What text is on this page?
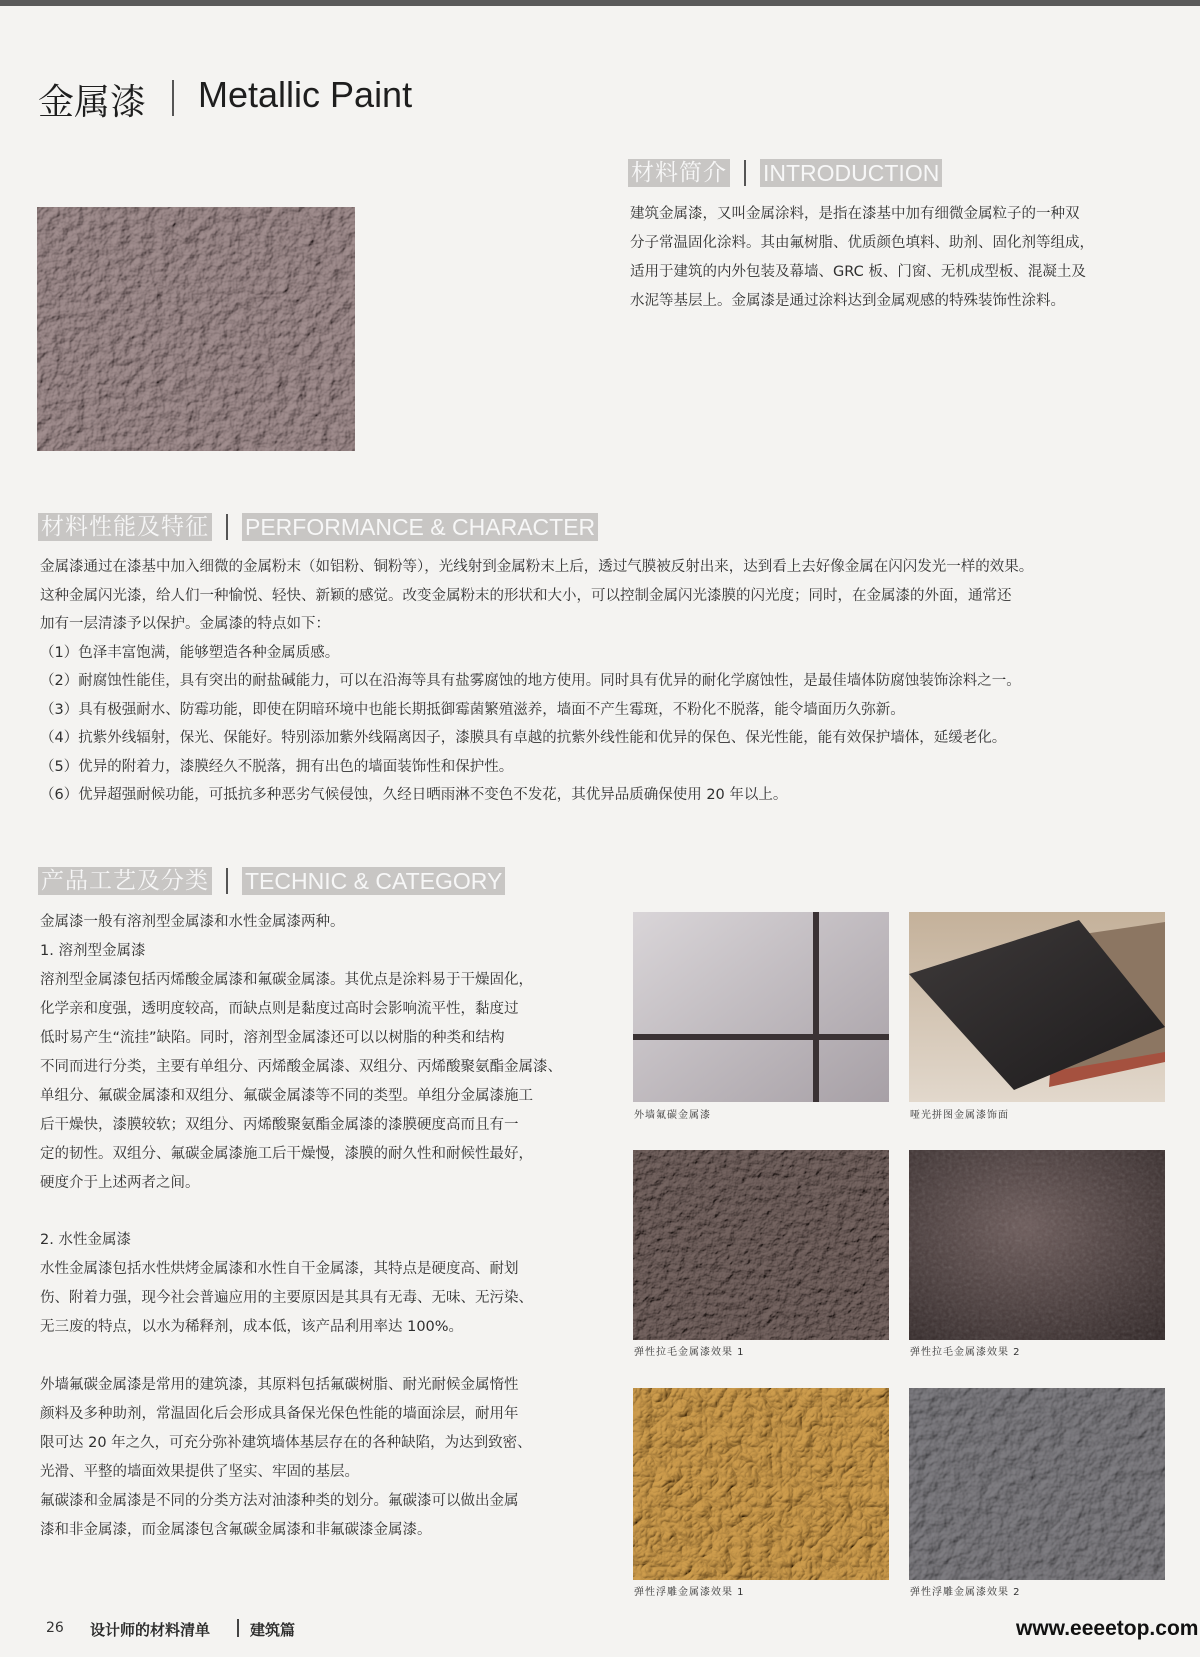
金属漆 Metallic Paint
材料简介 INTRODUCTION

建筑金属漆，又叫金属涂料，是指在漆基中加有细微金属粒子的一种双

分子常温固化涂料。其由氟树脂、优质颜色填料、助剂、固化剂等组成，

适用于建筑的内外包装及幕墙、GRC 板、门窗、无机成型板、混凝土及

水泥等基层上。金属漆是通过涂料达到金属观感的特殊装饰性涂料。

材料性能及特征 PERFORMANCE & CHARACTER

金属漆通过在漆基中加入细微的金属粉末（如铝粉、铜粉等），光线射到金属粉末上后，透过气膜被反射出来，达到看上去好像金属在闪闪发光一样的效果。

这种金属闪光漆，给人们一种愉悦、轻快、新颖的感觉。改变金属粉末的形状和大小，可以控制金属闪光漆膜的闪光度；同时，在金属漆的外面，通常还

加有一层清漆予以保护。金属漆的特点如下：

（1）色泽丰富饱满，能够塑造各种金属质感。

（2）耐腐蚀性能佳，具有突出的耐盐碱能力，可以在沿海等具有盐雾腐蚀的地方使用。同时具有优异的耐化学腐蚀性，是最佳墙体防腐蚀装饰涂料之一。

（3）具有极强耐水、防霉功能，即使在阴暗环境中也能长期抵御霉菌繁殖滋养，墙面不产生霉斑，不粉化不脱落，能令墙面历久弥新。

（4）抗紫外线辐射，保光、保能好。特别添加紫外线隔离因子，漆膜具有卓越的抗紫外线性能和优异的保色、保光性能，能有效保护墙体，延缓老化。

（5）优异的附着力，漆膜经久不脱落，拥有出色的墙面装饰性和保护性。

（6）优异超强耐候功能，可抵抗多种恶劣气候侵蚀，久经日晒雨淋不变色不发花，其优异品质确保使用 20 年以上。

产品工艺及分类 TECHNIC & CATEGORY

金属漆一般有溶剂型金属漆和水性金属漆两种。

1. 溶剂型金属漆

溶剂型金属漆包括丙烯酸金属漆和氟碳金属漆。其优点是涂料易于干燥固化，

化学亲和度强，透明度较高，而缺点则是黏度过高时会影响流平性，黏度过

低时易产生“流挂”缺陷。同时，溶剂型金属漆还可以以树脂的种类和结构

不同而进行分类，主要有单组分、丙烯酸金属漆、双组分、丙烯酸聚氨酯金属漆、

单组分、氟碳金属漆和双组分、氟碳金属漆等不同的类型。单组分金属漆施工

后干燥快，漆膜较软；双组分、丙烯酸聚氨酯金属漆的漆膜硬度高而且有一

定的韧性。双组分、氟碳金属漆施工后干燥慢，漆膜的耐久性和耐候性最好，

硬度介于上述两者之间。

2. 水性金属漆

水性金属漆包括水性烘烤金属漆和水性自干金属漆，其特点是硬度高、耐划

伤、附着力强，现今社会普遍应用的主要原因是其具有无毒、无味、无污染、

无三废的特点，以水为稀释剂，成本低，该产品利用率达 100%。

外墙氟碳金属漆是常用的建筑漆，其原料包括氟碳树脂、耐光耐候金属惰性

颜料及多种助剂，常温固化后会形成具备保光保色性能的墙面涂层，耐用年

限可达 20 年之久，可充分弥补建筑墙体基层存在的各种缺陷，为达到致密、

光滑、平整的墙面效果提供了坚实、牢固的基层。

氟碳漆和金属漆是不同的分类方法对油漆种类的划分。氟碳漆可以做出金属

漆和非金属漆，而金属漆包含氟碳金属漆和非氟碳漆金属漆。

外墙氟碳金属漆	哑光拼图金属漆饰面
弹性拉毛金属漆效果 1	弹性拉毛金属漆效果 2
弹性浮雕金属漆效果 1	弹性浮雕金属漆效果 2
26 设计师的材料清单	建筑篇	www.eeeetop.com
